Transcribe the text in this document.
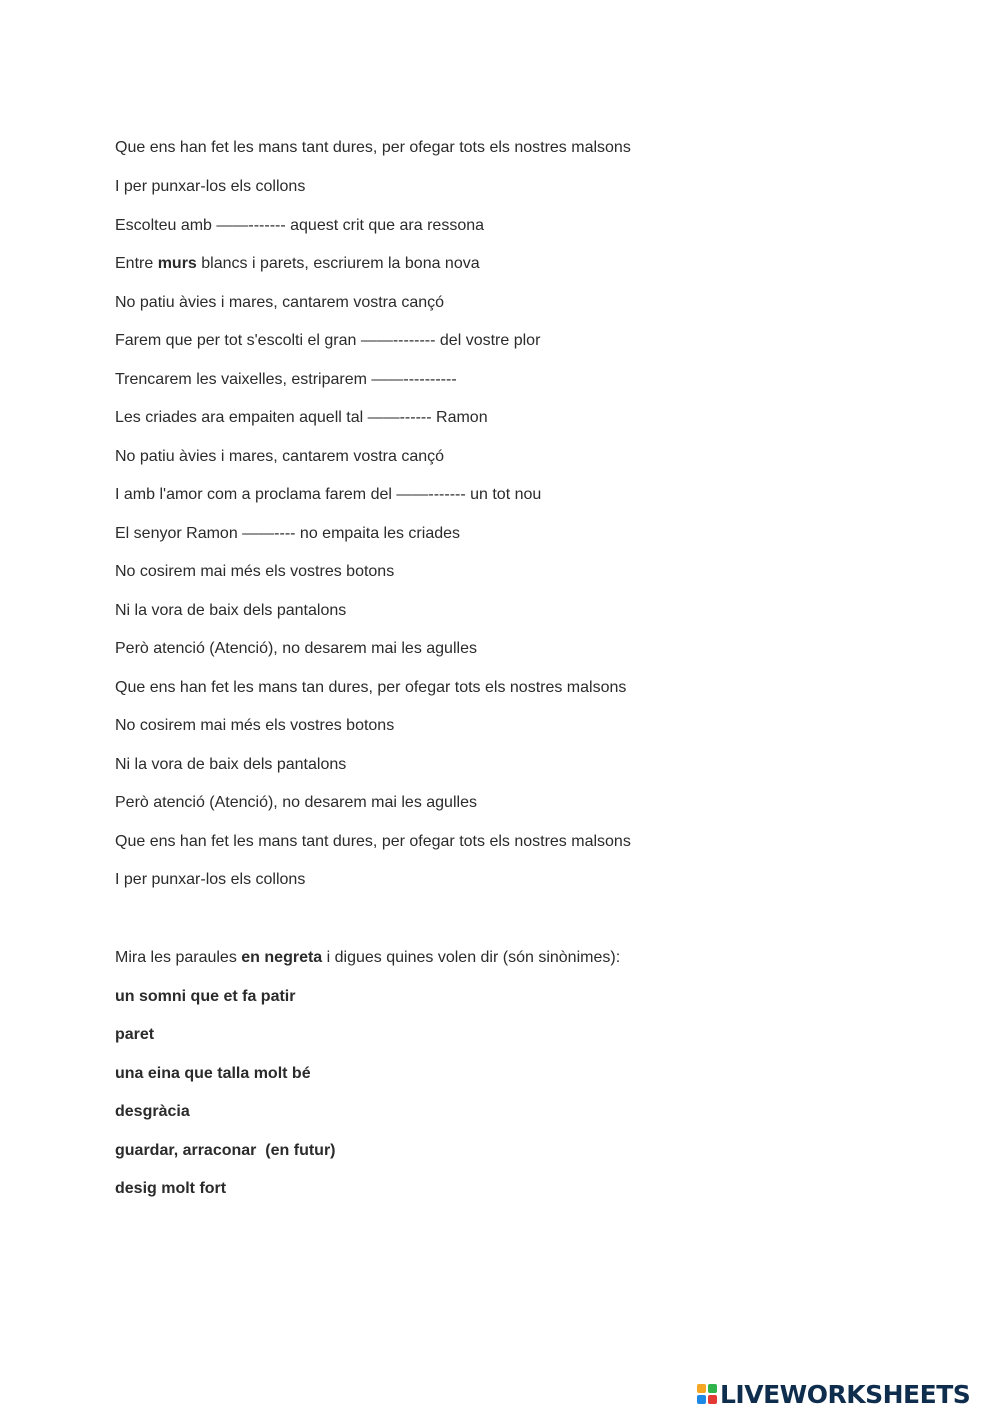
Que ens han fet les mans tant dures, per ofegar tots els nostres malsons
I per punxar-los els collons
Escolteu amb ——------- aquest crit que ara ressona
Entre murs blancs i parets, escriurem la bona nova
No patiu àvies i mares, cantarem vostra cançó
Farem que per tot s'escolti el gran ——-------- del vostre plor
Trencarem les vaixelles, estriparem ——----------
Les criades ara empaiten aquell tal ——------ Ramon
No patiu àvies i mares, cantarem vostra cançó
I amb l'amor com a proclama farem del ——------- un tot nou
El senyor Ramon ——---- no empaita les criades
No cosirem mai més els vostres botons
Ni la vora de baix dels pantalons
Però atenció (Atenció), no desarem mai les agulles
Que ens han fet les mans tan dures, per ofegar tots els nostres malsons
No cosirem mai més els vostres botons
Ni la vora de baix dels pantalons
Però atenció (Atenció), no desarem mai les agulles
Que ens han fet les mans tant dures, per ofegar tots els nostres malsons
I per punxar-los els collons
Mira les paraules en negreta i digues quines volen dir (són sinònimes):
un somni que et fa patir
paret
una eina que talla molt bé
desgràcia
guardar, arraconar  (en futur)
desig molt fort
LIVEWORKSHEETS
